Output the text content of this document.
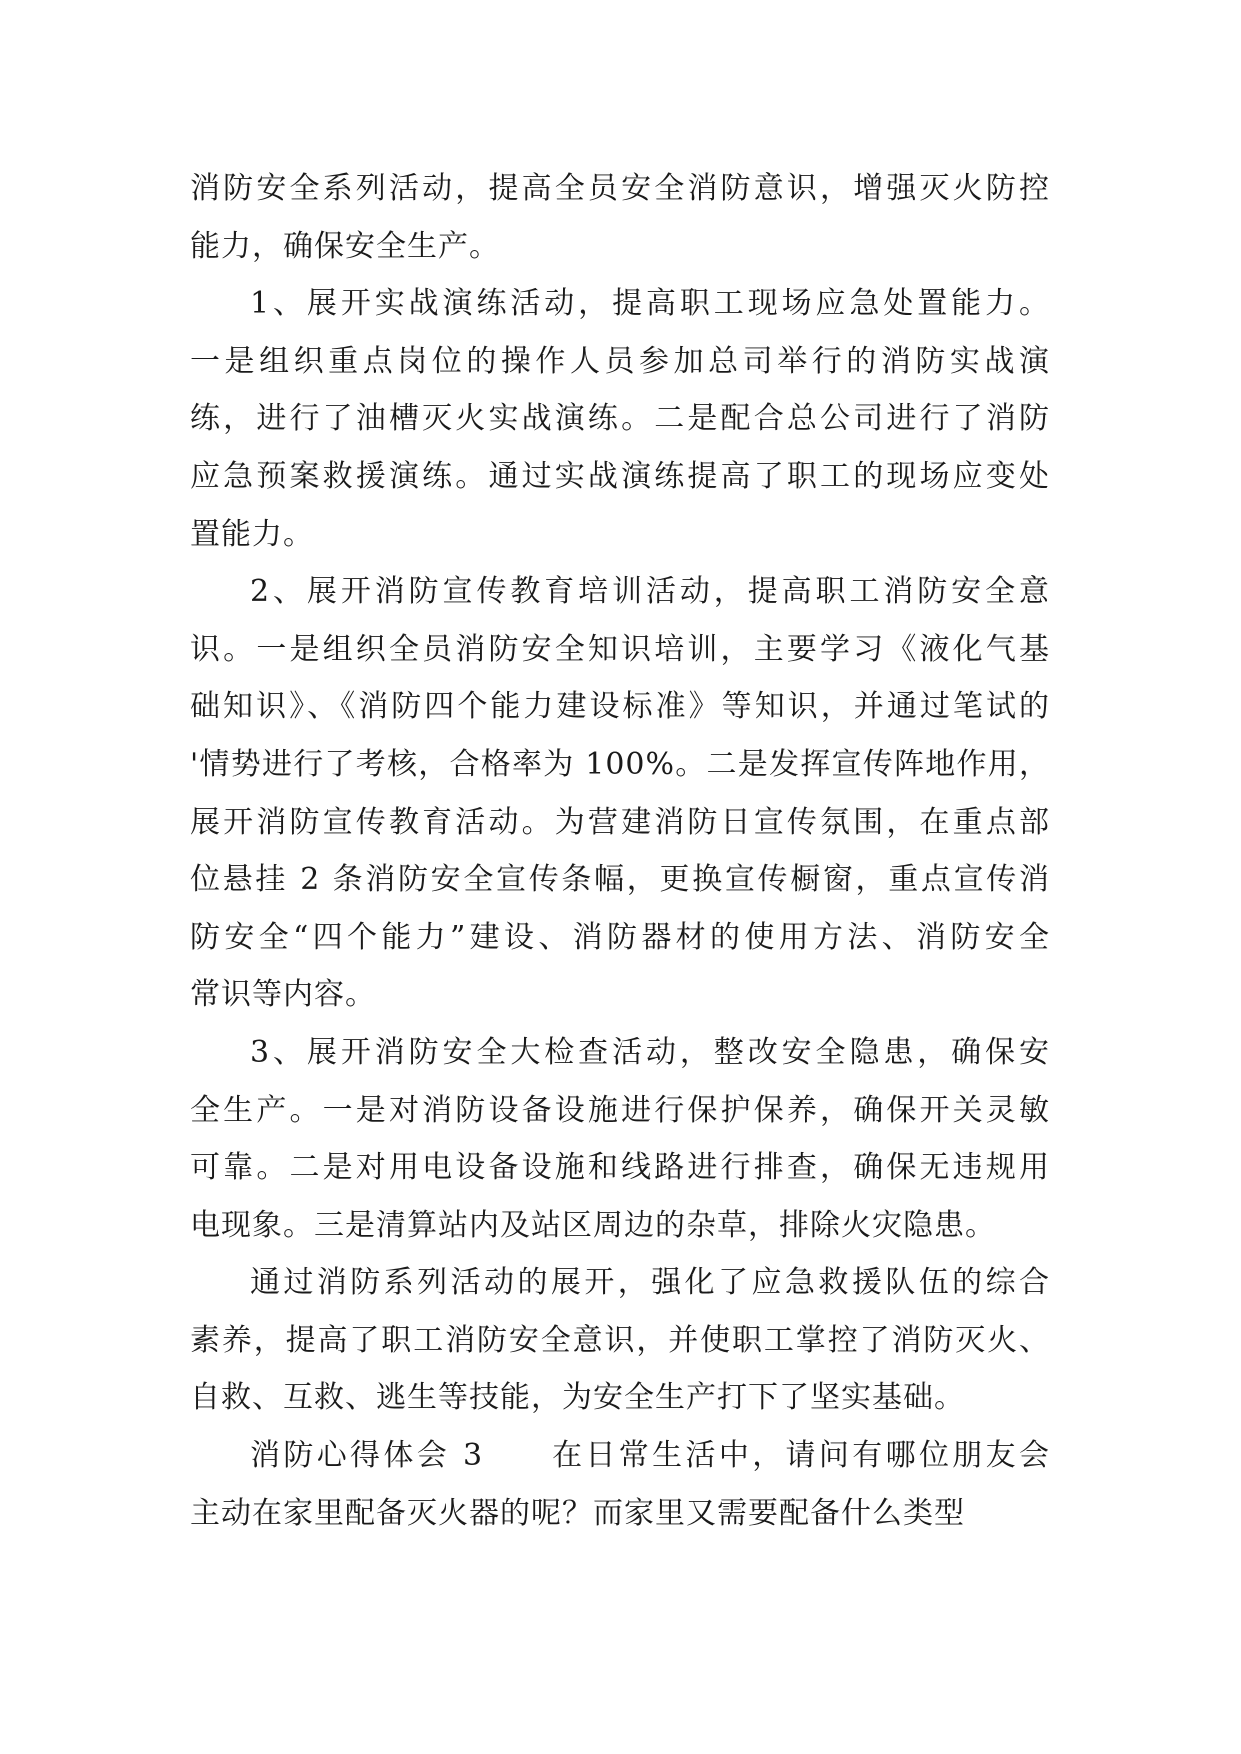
消防安全系列活动，提高全员安全消防意识，增强灭火防控
能力，确保安全生产。
1、展开实战演练活动，提高职工现场应急处置能力。
一是组织重点岗位的操作人员参加总司举行的消防实战演
练，进行了油槽灭火实战演练。二是配合总公司进行了消防
应急预案救援演练。通过实战演练提高了职工的现场应变处
置能力。
2、展开消防宣传教育培训活动，提高职工消防安全意
识。一是组织全员消防安全知识培训，主要学习《液化气基
础知识》、《消防四个能力建设标准》等知识，并通过笔试的
'情势进行了考核，合格率为 100%。二是发挥宣传阵地作用，
展开消防宣传教育活动。为营建消防日宣传氛围，在重点部
位悬挂 2 条消防安全宣传条幅，更换宣传橱窗，重点宣传消
防安全“四个能力”建设、消防器材的使用方法、消防安全
常识等内容。
3、展开消防安全大检查活动，整改安全隐患，确保安
全生产。一是对消防设备设施进行保护保养，确保开关灵敏
可靠。二是对用电设备设施和线路进行排查，确保无违规用
电现象。三是清算站内及站区周边的杂草，排除火灾隐患。
通过消防系列活动的展开，强化了应急救援队伍的综合
素养，提高了职工消防安全意识，并使职工掌控了消防灭火、
自救、互救、逃生等技能，为安全生产打下了坚实基础。
消防心得体会 3　　在日常生活中，请问有哪位朋友会
主动在家里配备灭火器的呢？而家里又需要配备什么类型
